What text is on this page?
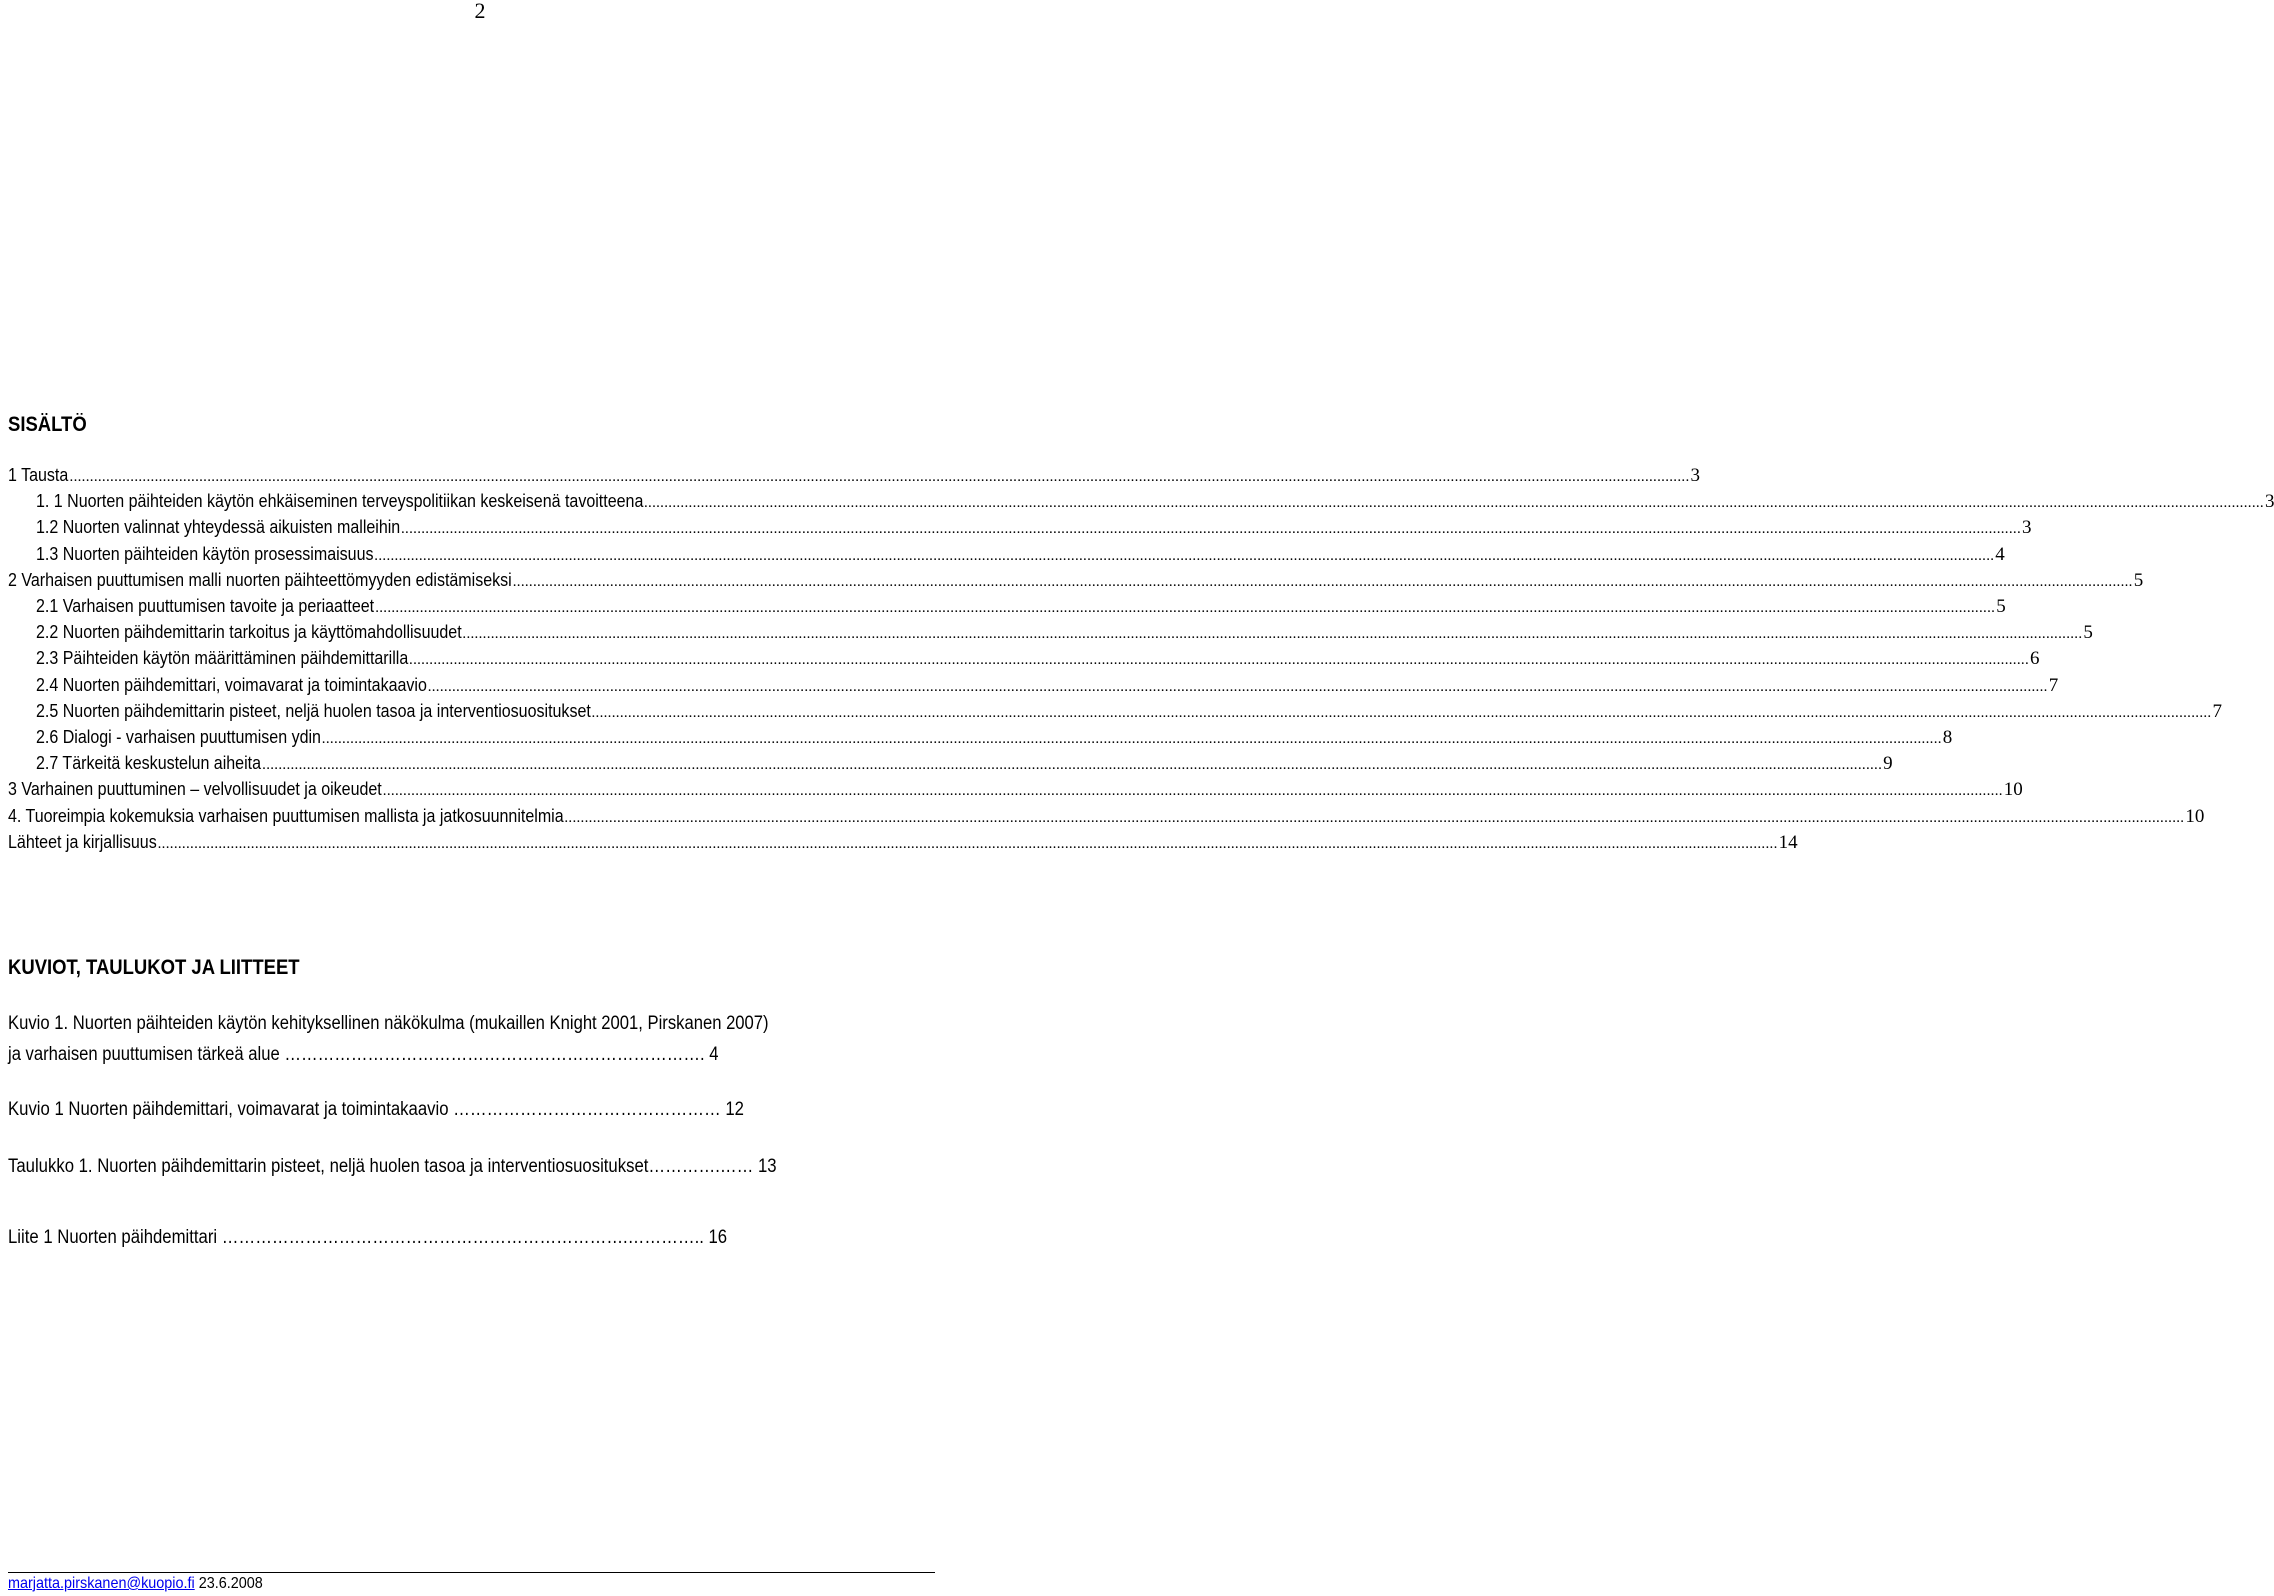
2
SISÄLTÖ
1 Tausta ................................................................................................................................................................................................................................................................................................................................................................................................................ 3
1. 1 Nuorten päihteiden käytön ehkäiseminen terveyspolitiikan keskeisenä tavoitteena ................................................................................................................................................................................................................................................................................................................................................................................................................ 3
1.2 Nuorten valinnat yhteydessä aikuisten malleihin ................................................................................................................................................................................................................................................................................................................................................................................................................ 3
1.3 Nuorten päihteiden käytön prosessimaisuus ................................................................................................................................................................................................................................................................................................................................................................................................................ 4
2 Varhaisen puuttumisen malli nuorten päihteettömyyden edistämiseksi ................................................................................................................................................................................................................................................................................................................................................................................................................ 5
2.1 Varhaisen puuttumisen tavoite ja periaatteet ................................................................................................................................................................................................................................................................................................................................................................................................................ 5
2.2 Nuorten päihdemittarin tarkoitus ja käyttömahdollisuudet ................................................................................................................................................................................................................................................................................................................................................................................................................ 5
2.3 Päihteiden käytön määrittäminen päihdemittarilla ................................................................................................................................................................................................................................................................................................................................................................................................................ 6
2.4 Nuorten päihdemittari, voimavarat ja toimintakaavio ................................................................................................................................................................................................................................................................................................................................................................................................................ 7
2.5 Nuorten päihdemittarin pisteet, neljä huolen tasoa ja interventiosuositukset ................................................................................................................................................................................................................................................................................................................................................................................................................ 7
2.6 Dialogi - varhaisen puuttumisen ydin ................................................................................................................................................................................................................................................................................................................................................................................................................ 8
2.7 Tärkeitä keskustelun aiheita ................................................................................................................................................................................................................................................................................................................................................................................................................ 9
3 Varhainen puuttuminen – velvollisuudet ja oikeudet ................................................................................................................................................................................................................................................................................................................................................................................................................ 10
4. Tuoreimpia kokemuksia varhaisen puuttumisen mallista ja jatkosuunnitelmia ................................................................................................................................................................................................................................................................................................................................................................................................................ 10
Lähteet ja kirjallisuus ................................................................................................................................................................................................................................................................................................................................................................................................................ 14
KUVIOT, TAULUKOT JA LIITTEET
Kuvio 1. Nuorten päihteiden käytön kehityksellinen näkökulma (mukaillen Knight 2001, Pirskanen 2007)
ja varhaisen puuttumisen tärkeä alue …………………………………………………………………. 4
Kuvio 1 Nuorten päihdemittari, voimavarat ja toimintakaavio ………………………………………… 12
Taulukko 1. Nuorten päihdemittarin pisteet, neljä huolen tasoa ja interventiosuositukset………….…… 13
Liite 1 Nuorten päihdemittari ……………………………………………………………….………….. 16
marjatta.pirskanen@kuopio.fi 23.6.2008
